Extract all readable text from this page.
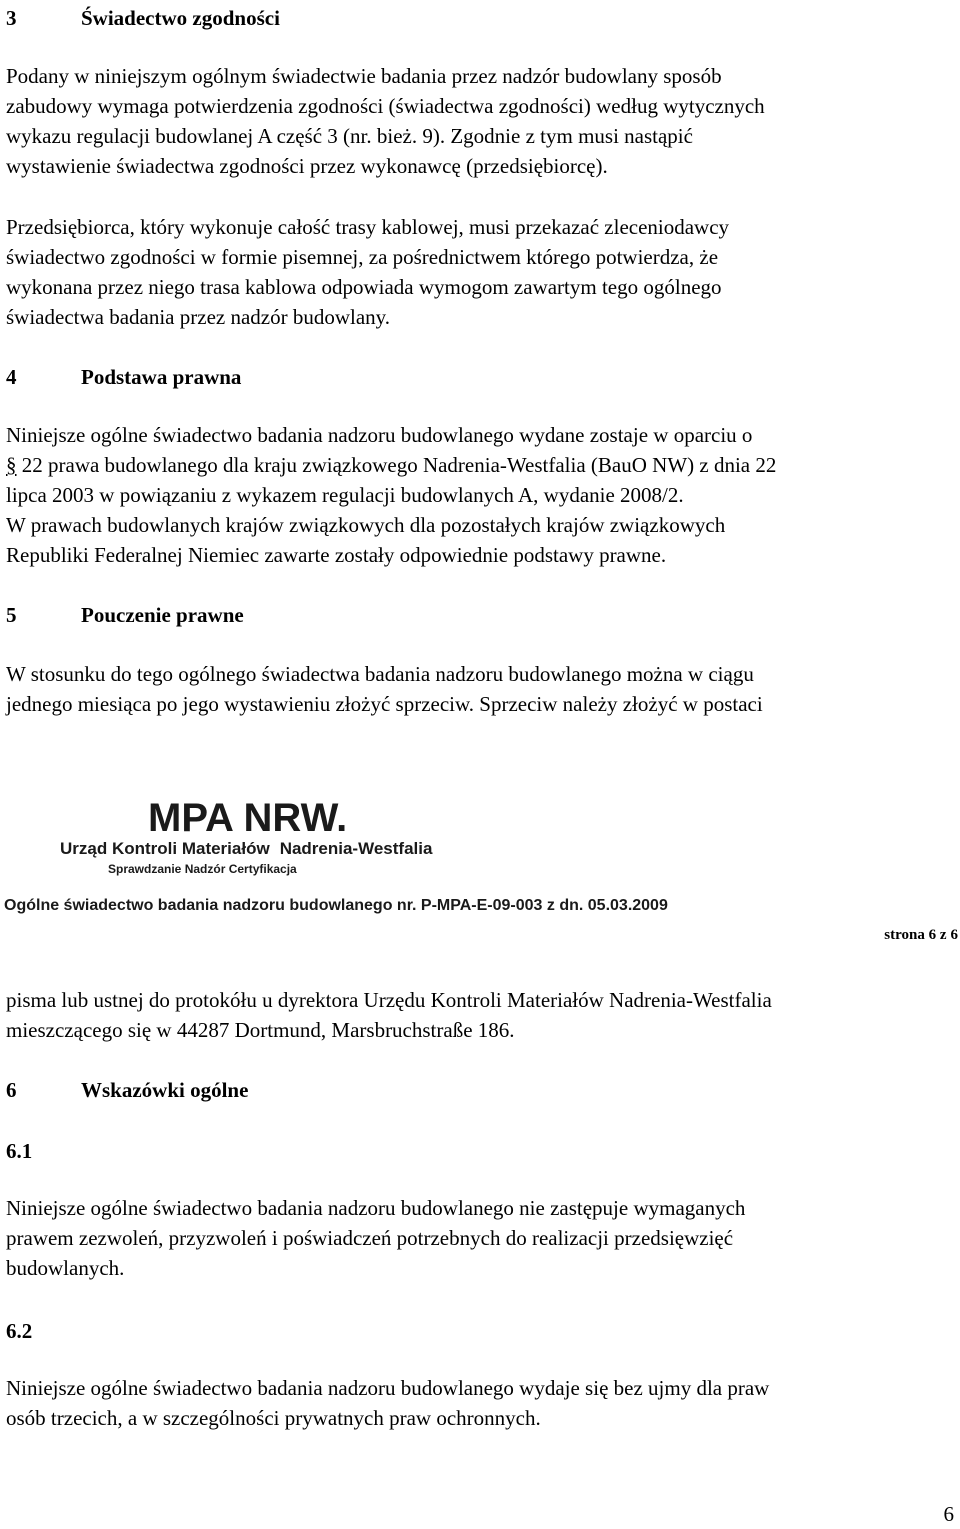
3	Świadectwo zgodności
Podany w niniejszym ogólnym świadectwie badania przez nadzór budowlany sposób
zabudowy wymaga potwierdzenia zgodności (świadectwa zgodności) według wytycznych
wykazu regulacji budowlanej A część 3 (nr. bież. 9). Zgodnie z tym musi nastąpić
wystawienie świadectwa zgodności przez wykonawcę (przedsiębiorcę).
Przedsiębiorca, który wykonuje całość trasy kablowej, musi przekazać zleceniodawcy
świadectwo zgodności w formie pisemnej, za pośrednictwem którego potwierdza, że
wykonana przez niego trasa kablowa odpowiada wymogom zawartym tego ogólnego
świadectwa badania przez nadzór budowlany.
4	Podstawa prawna
Niniejsze ogólne świadectwo badania nadzoru budowlanego wydane zostaje w oparciu o
§ 22 prawa budowlanego dla kraju związkowego Nadrenia-Westfalia (BauO NW) z dnia 22
lipca 2003 w powiązaniu z wykazem regulacji budowlanych A, wydanie 2008/2.
W prawach budowlanych krajów związkowych dla pozostałych krajów związkowych
Republiki Federalnej Niemiec zawarte zostały odpowiednie podstawy prawne.
5	Pouczenie prawne
W stosunku do tego ogólnego świadectwa badania nadzoru budowlanego można w ciągu
jednego miesiąca po jego wystawieniu złożyć sprzeciw. Sprzeciw należy złożyć w postaci
MPA NRW.
Urząd Kontroli Materiałów Nadrenia-Westfalia
Sprawdzanie Nadzór Certyfikacja
Ogólne świadectwo badania nadzoru budowlanego nr. P-MPA-E-09-003 z dn. 05.03.2009
strona 6 z 6
pisma lub ustnej do protokółu u dyrektora Urzędu Kontroli Materiałów Nadrenia-Westfalia
mieszczącego się w 44287 Dortmund, Marsbruchstraße 186.
6	Wskazówki ogólne
6.1
Niniejsze ogólne świadectwo badania nadzoru budowlanego nie zastępuje wymaganych
prawem zezwoleń, przyzwoleń i poświadczeń potrzebnych do realizacji przedsięwzięć
budowlanych.
6.2
Niniejsze ogólne świadectwo badania nadzoru budowlanego wydaje się bez ujmy dla praw
osób trzecich, a w szczególności prywatnych praw ochronnych.
6
